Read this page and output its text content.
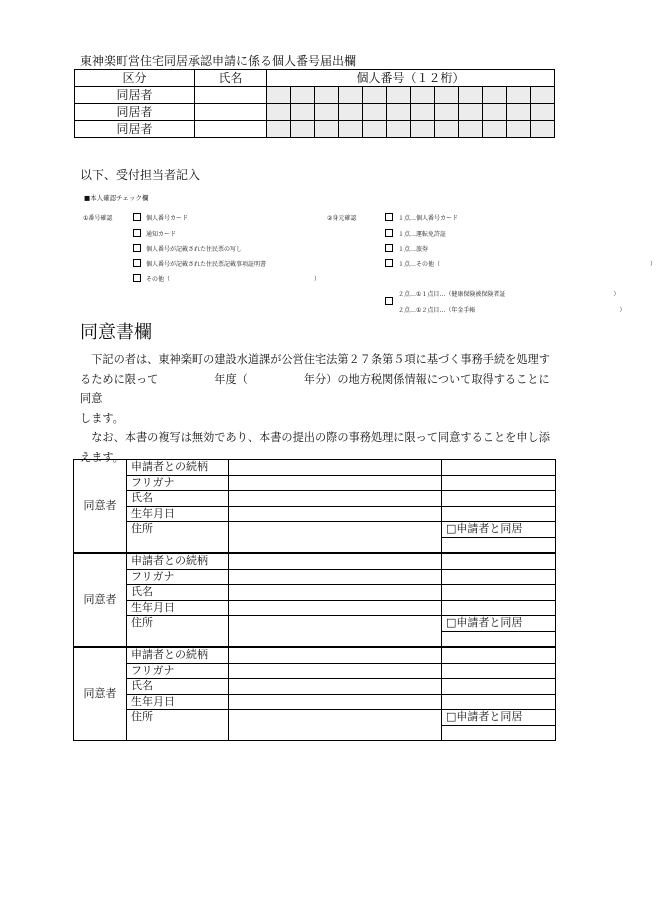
東神楽町営住宅同居承認申請に係る個人番号届出欄
区分	氏名	個人番号（１２桁）											
同居者													
同居者													
同居者													
以下、受付担当者記入
■本人確認チェック欄
①番号確認	個人番号カード
通知カード
個人番号が記載された住民票の写し
個人番号が記載された住民票記載事項証明書
その他（　　　　　　　　　　　　　　　　　　　　　　　　）
②身元確認	１点…個人番号カード
１点…運転免許証
１点…旅券
１点…その他（　　　　　　　　　　　　　　　　　　　　　　　　　　　　　　　　　　　）
２点…①１点目…（健康保険被保険者証　　　　　　　　　　　　　　　　　　）
２点…①２点目…（年金手帳　　　　　　　　　　　　　　　　　　　　　　　　）
同意書欄

下記の者は、東神楽町の建設水道課が公営住宅法第２７条第５項に基づく事務手続を処理す

るために限って　　　　　年度（　　　　　年分）の地方税関係情報について取得することに同意

します。

なお、本書の複写は無効であり、本書の提出の際の事務処理に限って同意することを申し添

えます。

同意者	申請者との続柄		
	フリガナ		
	氏名		
	生年月日		
	住所		□申請者と同居

同意者	申請者との続柄		
	フリガナ		
	氏名		
	生年月日		
	住所		□申請者と同居

同意者	申請者との続柄		
	フリガナ		
	氏名		
	生年月日		
	住所		□申請者と同居
